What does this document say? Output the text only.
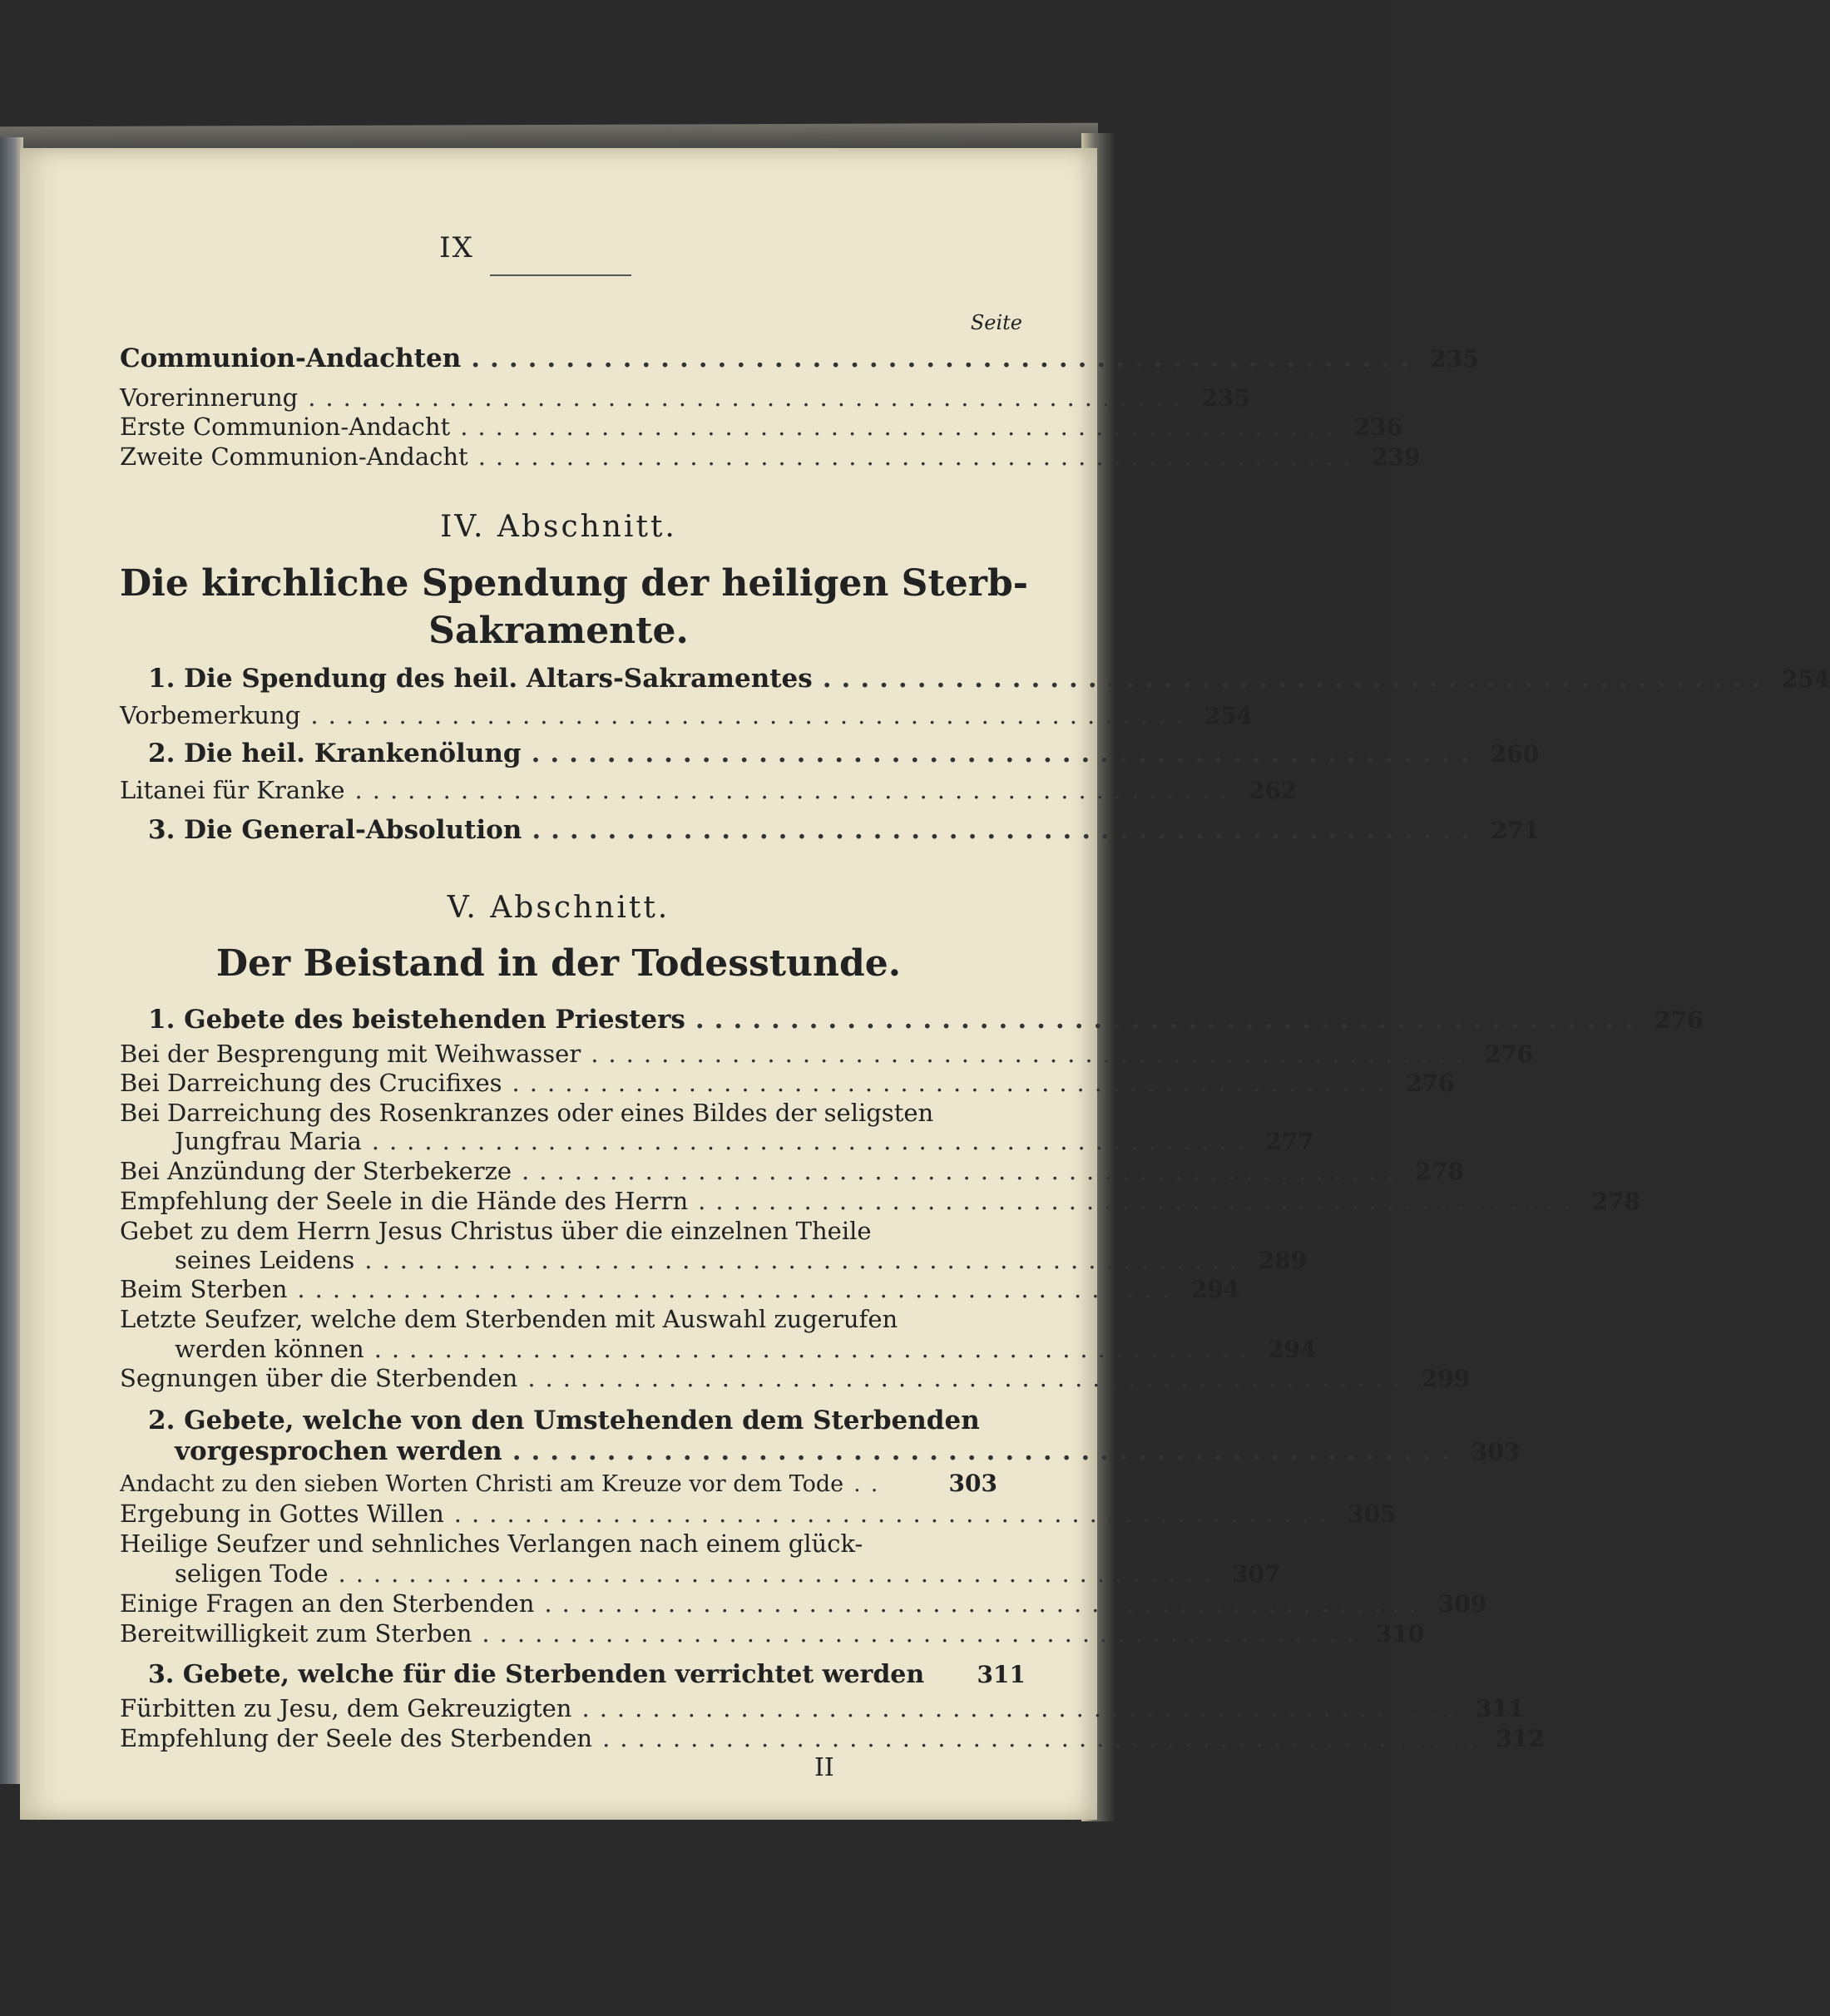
IX
Seite
Communion-Andachten .................................................. 235
Vorerinnerung .................................................. 235
Erste Communion-Andacht .................................................. 236
Zweite Communion-Andacht .................................................. 239
IV. Abschnitt.
Die kirchliche Spendung der heiligen Sterb-
Sakramente.
1. Die Spendung des heil. Altars-Sakramentes .................................................. 254
Vorbemerkung .................................................. 254
2. Die heil. Krankenölung .................................................. 260
Litanei für Kranke .................................................. 262
3. Die General-Absolution .................................................. 271
V. Abschnitt.
Der Beistand in der Todesstunde.
1. Gebete des beistehenden Priesters .................................................. 276
Bei der Besprengung mit Weihwasser .................................................. 276
Bei Darreichung des Crucifixes .................................................. 276
Bei Darreichung des Rosenkranzes oder eines Bildes der seligsten
Jungfrau Maria .................................................. 277
Bei Anzündung der Sterbekerze .................................................. 278
Empfehlung der Seele in die Hände des Herrn .................................................. 278
Gebet zu dem Herrn Jesus Christus über die einzelnen Theile
seines Leidens .................................................. 289
Beim Sterben .................................................. 294
Letzte Seufzer, welche dem Sterbenden mit Auswahl zugerufen
werden können .................................................. 294
Segnungen über die Sterbenden .................................................. 299
2. Gebete, welche von den Umstehenden dem Sterbenden
vorgesprochen werden .................................................. 303
Andacht zu den sieben Worten Christi am Kreuze vor dem Tode ..	303
Ergebung in Gottes Willen .................................................. 305
Heilige Seufzer und sehnliches Verlangen nach einem glück-
seligen Tode .................................................. 307
Einige Fragen an den Sterbenden .................................................. 309
Bereitwilligkeit zum Sterben .................................................. 310
3. Gebete, welche für die Sterbenden verrichtet werden 311
Fürbitten zu Jesu, dem Gekreuzigten .................................................. 311
Empfehlung der Seele des Sterbenden .................................................. 312
II
